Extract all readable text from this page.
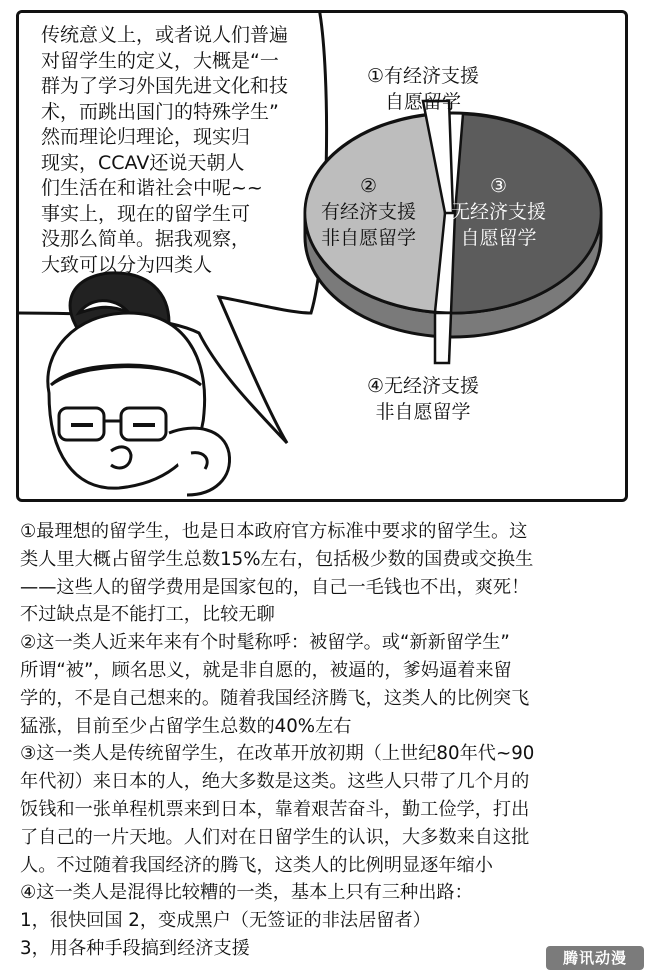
传统意义上，或者说人们普遍
对留学生的定义，大概是“一
群为了学习外国先进文化和技
术，而跳出国门的特殊学生”
然而理论归理论，现实归
现实，CCAV还说天朝人
们生活在和谐社会中呢~~
事实上，现在的留学生可
没那么简单。据我观察，
大致可以分为四类人
①有经济支援
自愿留学
②
有经济支援
非自愿留学
③
无经济支援
自愿留学
④无经济支援
非自愿留学
①最理想的留学生，也是日本政府官方标准中要求的留学生。这
类人里大概占留学生总数15%左右，包括极少数的国费或交换生
——这些人的留学费用是国家包的，自己一毛钱也不出，爽死！
不过缺点是不能打工，比较无聊
②这一类人近来年来有个时髦称呼：被留学。或“新新留学生”
所谓“被”，顾名思义，就是非自愿的，被逼的，爹妈逼着来留
学的，不是自己想来的。随着我国经济腾飞，这类人的比例突飞
猛涨，目前至少占留学生总数的40%左右
③这一类人是传统留学生，在改革开放初期（上世纪80年代~90
年代初）来日本的人，绝大多数是这类。这些人只带了几个月的
饭钱和一张单程机票来到日本，靠着艰苦奋斗，勤工俭学，打出
了自己的一片天地。人们对在日留学生的认识，大多数来自这批
人。不过随着我国经济的腾飞，这类人的比例明显逐年缩小
④这一类人是混得比较糟的一类，基本上只有三种出路：
1，很快回国 2，变成黑户（无签证的非法居留者）
3，用各种手段搞到经济支援	腾讯动漫
